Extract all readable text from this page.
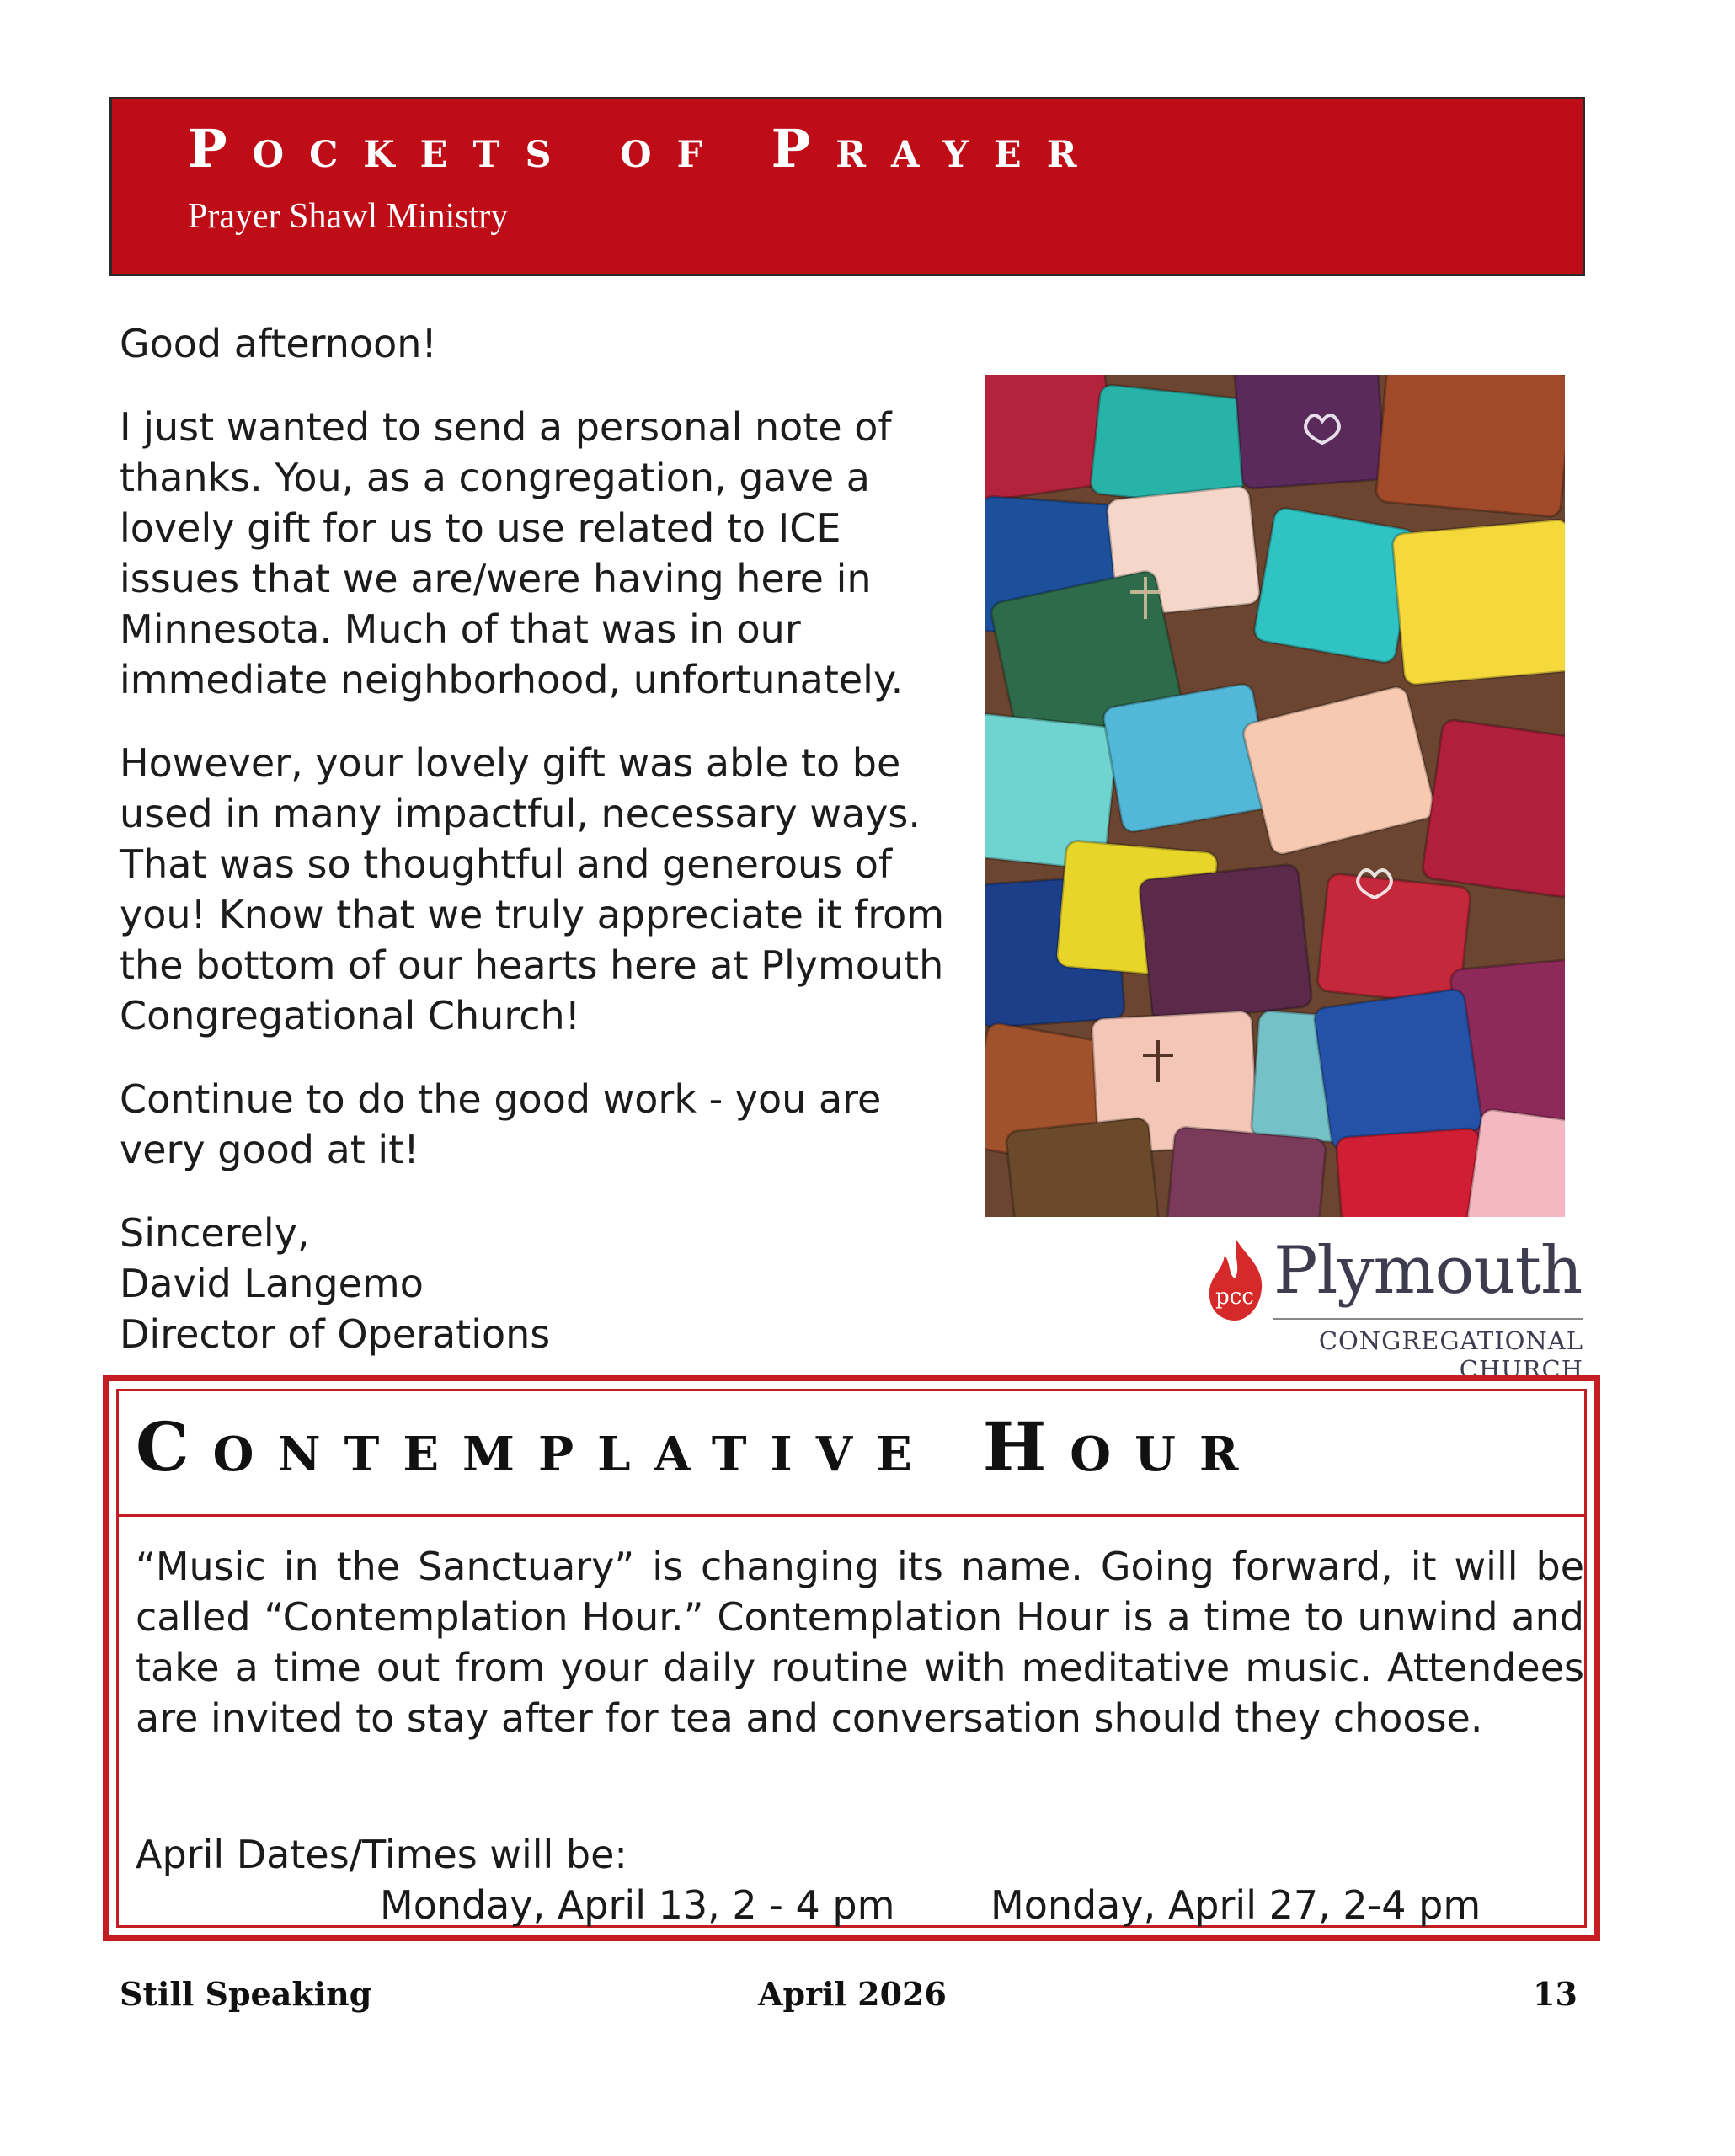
Pockets of Prayer
Prayer Shawl Ministry

Good afternoon!

I just wanted to send a personal note of thanks. You, as a congregation, gave a lovely gift for us to use related to ICE issues that we are/were having here in Minnesota. Much of that was in our immediate neighborhood, unfortunately.

However, your lovely gift was able to be used in many impactful, necessary ways. That was so thoughtful and generous of you! Know that we truly appreciate it from the bottom of our hearts here at Plymouth Congregational Church!

Continue to do the good work - you are very good at it!

Sincerely,

David Langemo

Director of Operations

pcc Plymouth
CONGREGATIONAL CHURCH
Contemplative Hour

“Music in the Sanctuary” is changing its name. Going forward, it will be called “Contemplation Hour.” Contemplation Hour is a time to unwind and take a time out from your daily routine with meditative music. Attendees are invited to stay after for tea and conversation should they choose.

April Dates/Times will be:
Monday, April 13, 2 - 4 pm Monday, April 27, 2-4 pm
Still Speaking	April 2026	13
